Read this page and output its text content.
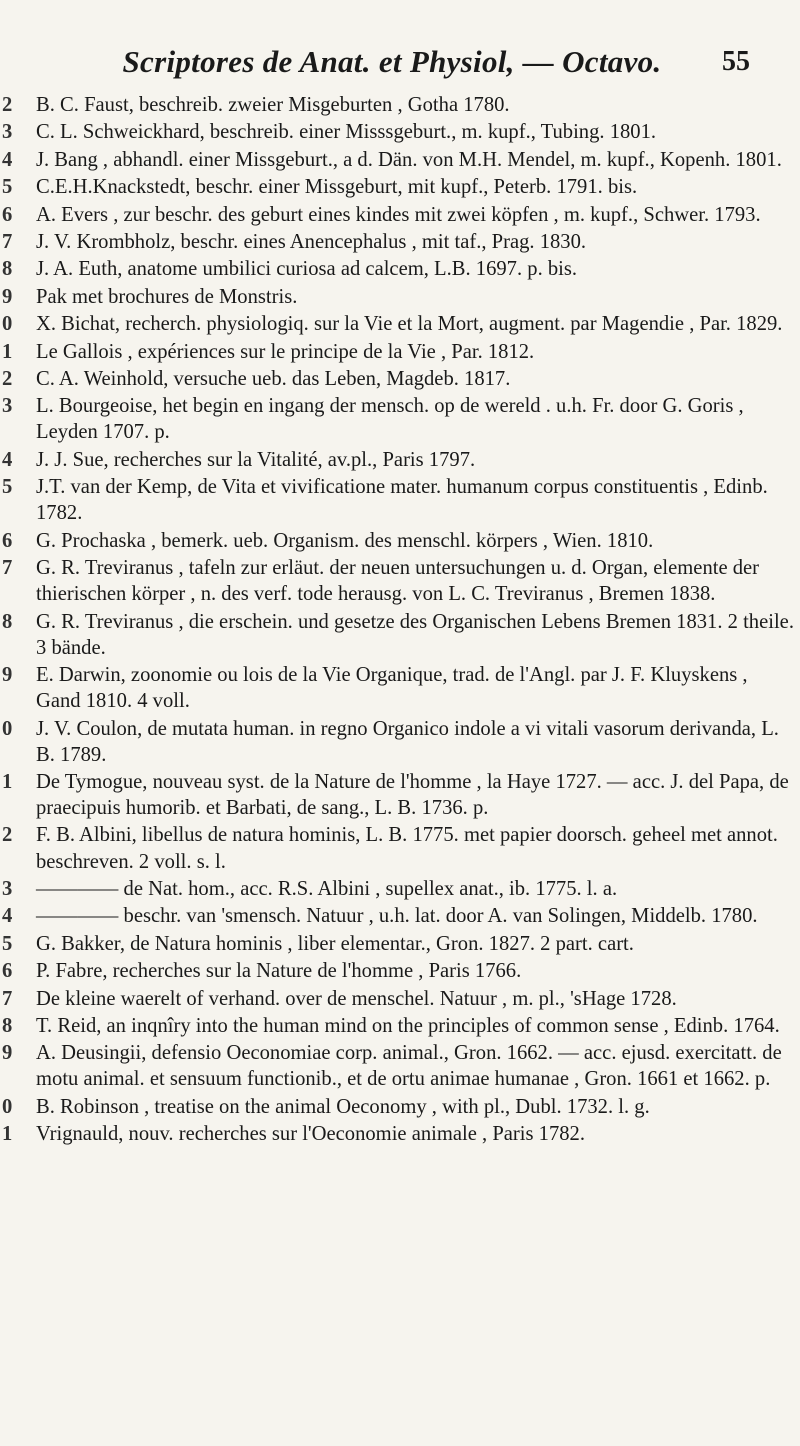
Scriptores de Anat. et Physiol, — Octavo.	55
2	B. C. Faust, beschreib. zweier Misgeburten , Gotha 1780.
3	C. L. Schweickhard, beschreib. einer Misssgeburt., m. kupf., Tubing. 1801.
4	J. Bang , abhandl. einer Missgeburt., a d. Dän. von M.H. Mendel, m. kupf., Kopenh. 1801.
5	C.E.H.Knackstedt, beschr. einer Missgeburt, mit kupf., Peterb. 1791. bis.
6	A. Evers , zur beschr. des geburt eines kindes mit zwei köpfen , m. kupf., Schwer. 1793.
7	J. V. Krombholz, beschr. eines Anencephalus , mit taf., Prag. 1830.
8	J. A. Euth, anatome umbilici curiosa ad calcem, L.B. 1697. p. bis.
9	Pak met brochures de Monstris.
0	X. Bichat, recherch. physiologiq. sur la Vie et la Mort, augment. par Magendie , Par. 1829.
1	Le Gallois , expériences sur le principe de la Vie , Par. 1812.
2	C. A. Weinhold, versuche ueb. das Leben, Magdeb. 1817.
3	L. Bourgeoise, het begin en ingang der mensch. op de wereld . u.h. Fr. door G. Goris , Leyden 1707. p.
4	J. J. Sue, recherches sur la Vitalité, av.pl., Paris 1797.
5	J.T. van der Kemp, de Vita et vivificatione mater. humanum corpus constituentis , Edinb. 1782.
6	G. Prochaska , bemerk. ueb. Organism. des menschl. körpers , Wien. 1810.
7	G. R. Treviranus , tafeln zur erläut. der neuen untersuchungen u. d. Organ, elemente der thierischen körper , n. des verf. tode herausg. von L. C. Treviranus , Bremen 1838.
8	G. R. Treviranus , die erschein. und gesetze des Organischen Lebens Bremen 1831. 2 theile. 3 bände.
9	E. Darwin, zoonomie ou lois de la Vie Organique, trad. de l'Angl. par J. F. Kluyskens , Gand 1810. 4 voll.
0	J. V. Coulon, de mutata human. in regno Organico indole a vi vitali vasorum derivanda, L. B. 1789.
1	De Tymogue, nouveau syst. de la Nature de l'homme , la Haye 1727. — acc. J. del Papa, de praecipuis humorib. et Barbati, de sang., L. B. 1736. p.
2	F. B. Albini, libellus de natura hominis, L. B. 1775. met papier doorsch. geheel met annot. beschreven. 2 voll. s. l.
3	———— de Nat. hom., acc. R.S. Albini , supellex anat., ib. 1775. l. a.
4	———— beschr. van 'smensch. Natuur , u.h. lat. door A. van Solingen, Middelb. 1780.
5	G. Bakker, de Natura hominis , liber elementar., Gron. 1827. 2 part. cart.
6	P. Fabre, recherches sur la Nature de l'homme , Paris 1766.
7	De kleine waerelt of verhand. over de menschel. Natuur , m. pl., 'sHage 1728.
8	T. Reid, an inqnîry into the human mind on the principles of common sense , Edinb. 1764.
9	A. Deusingii, defensio Oeconomiae corp. animal., Gron. 1662. — acc. ejusd. exercitatt. de motu animal. et sensuum functionib., et de ortu animae humanae , Gron. 1661 et 1662. p.
0	B. Robinson , treatise on the animal Oeconomy , with pl., Dubl. 1732. l. g.
1	Vrignauld, nouv. recherches sur l'Oeconomie animale , Paris 1782.
